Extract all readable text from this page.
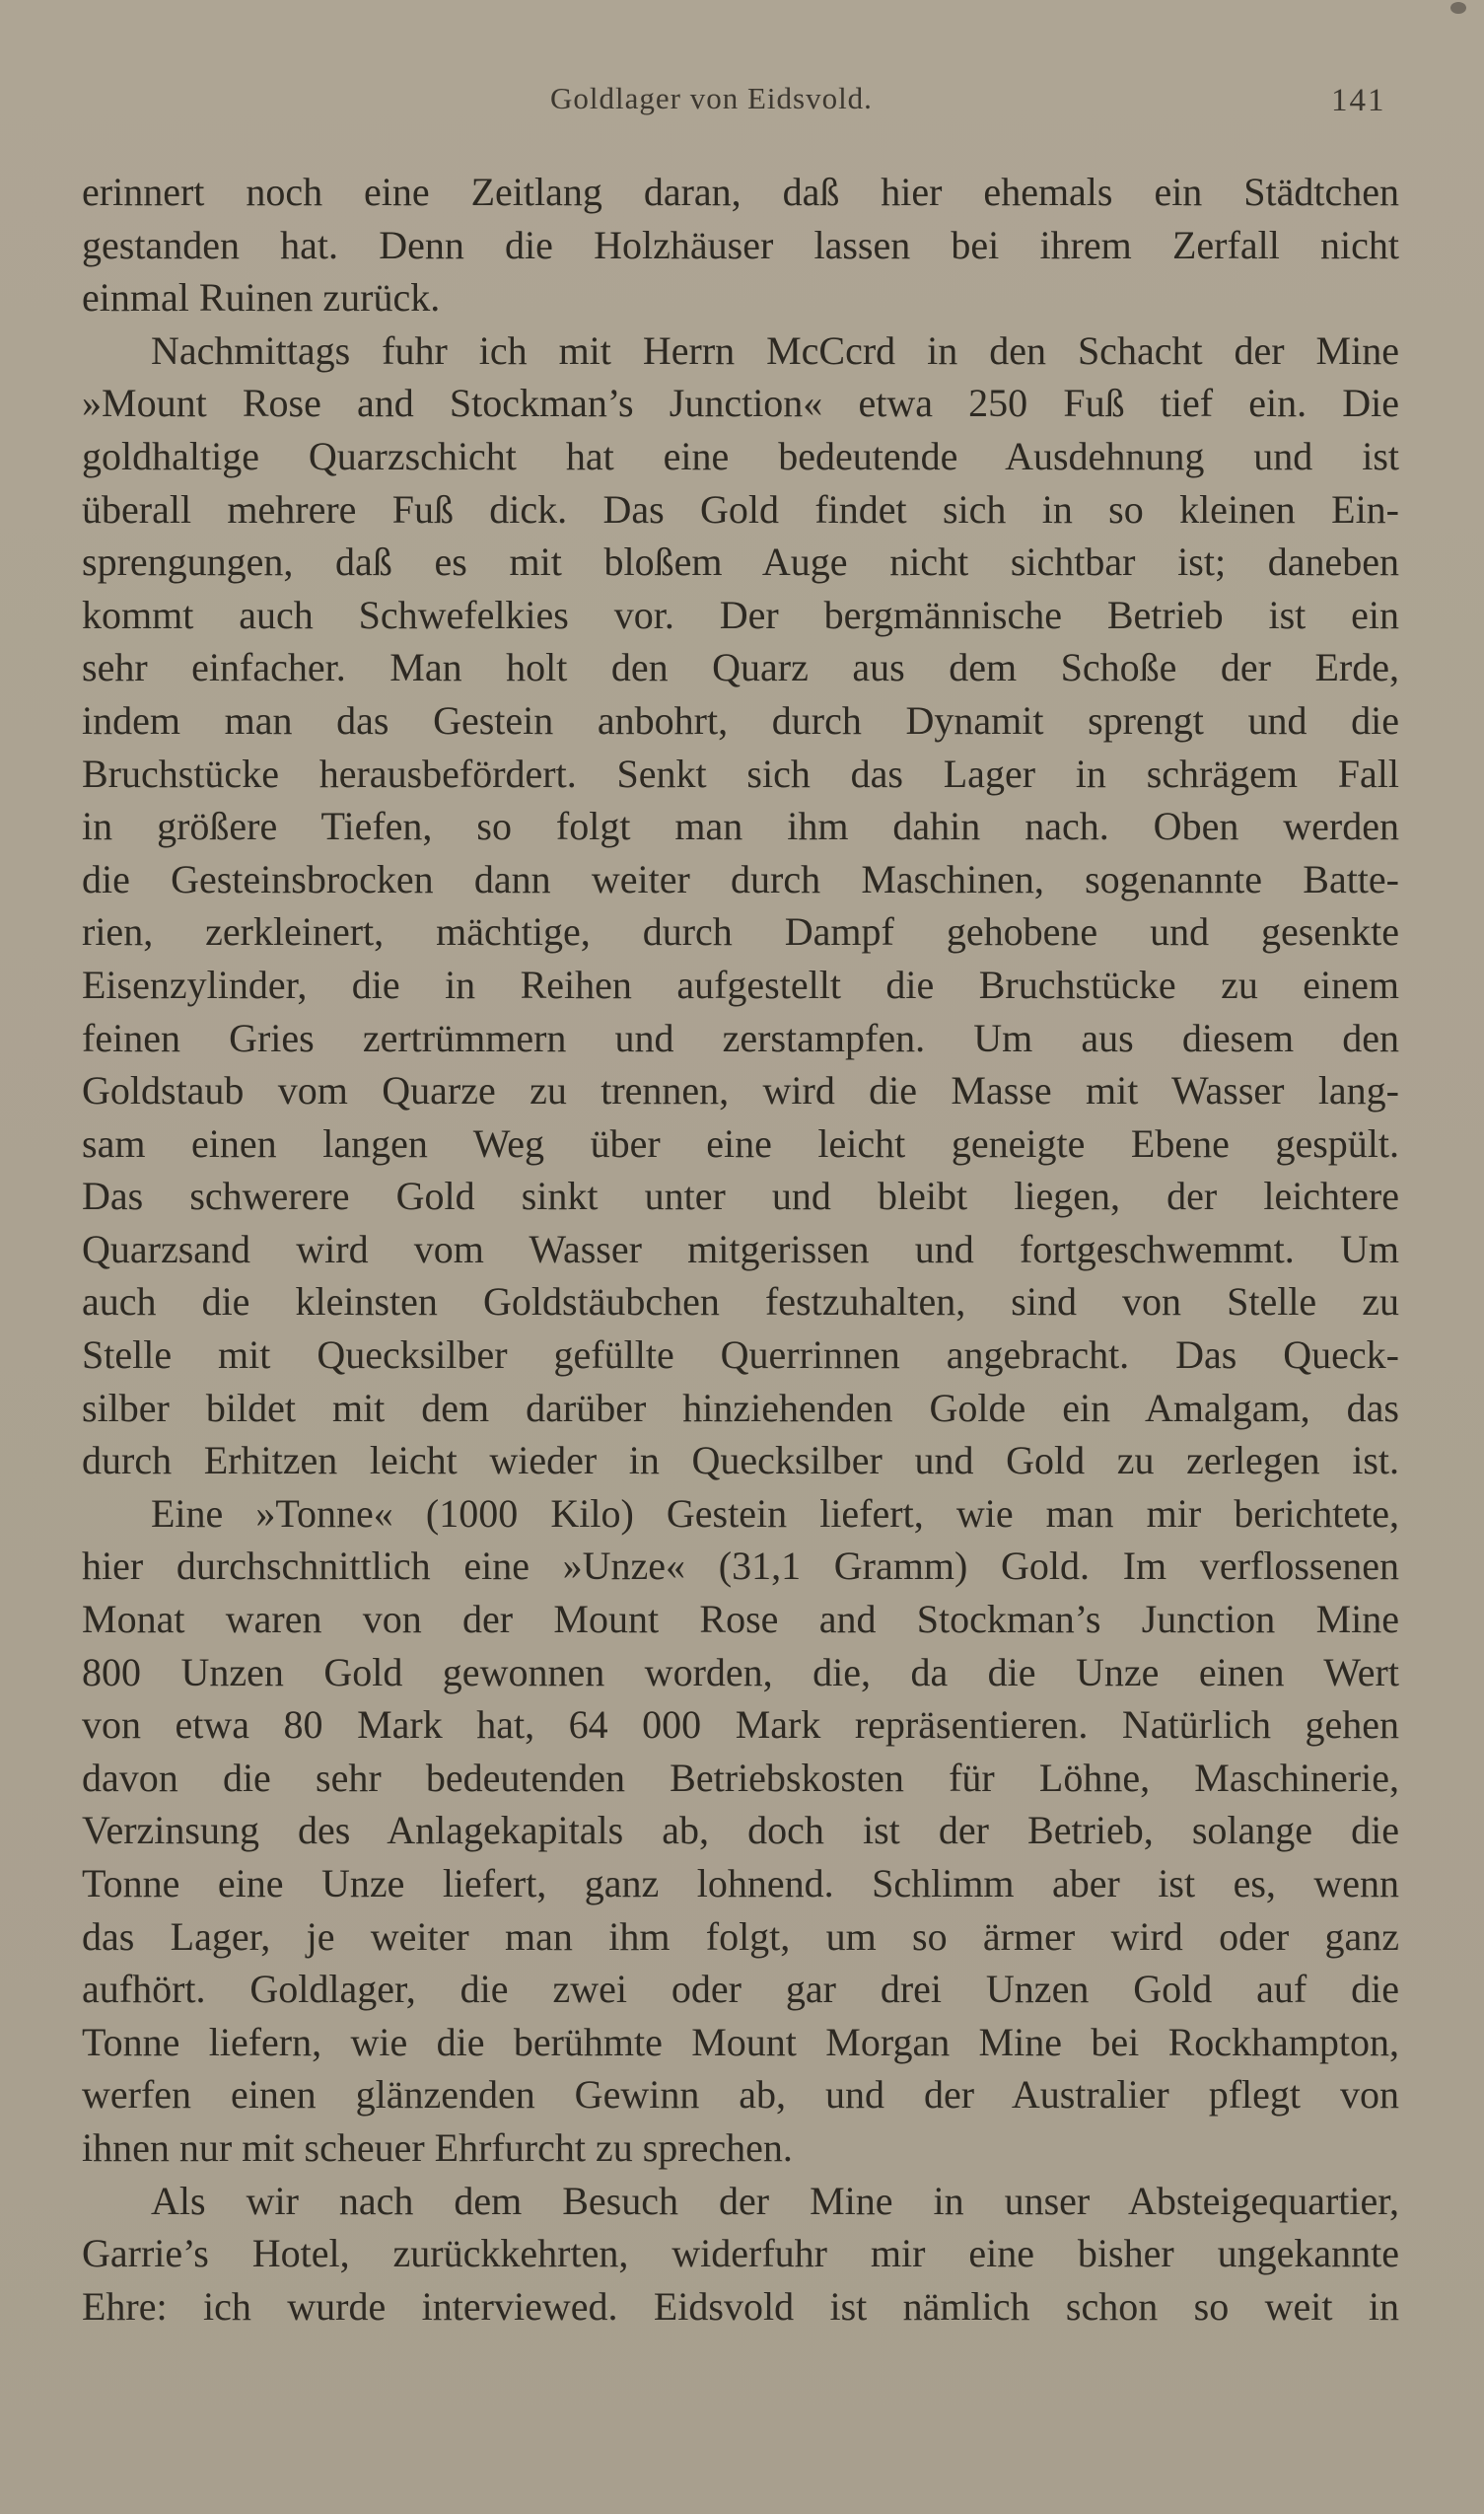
Goldlager von Eidsvold.	141
erinnert noch eine Zeitlang daran, daß hier ehemals ein Städtchen
gestanden hat. Denn die Holzhäuser lassen bei ihrem Zerfall nicht
einmal Ruinen zurück.
Nachmittags fuhr ich mit Herrn McCcrd in den Schacht der Mine
»Mount Rose and Stockman’s Junction« etwa 250 Fuß tief ein. Die
goldhaltige Quarzschicht hat eine bedeutende Ausdehnung und ist
überall mehrere Fuß dick. Das Gold findet sich in so kleinen Ein-
sprengungen, daß es mit bloßem Auge nicht sichtbar ist; daneben
kommt auch Schwefelkies vor. Der bergmännische Betrieb ist ein
sehr einfacher. Man holt den Quarz aus dem Schoße der Erde,
indem man das Gestein anbohrt, durch Dynamit sprengt und die
Bruchstücke herausbefördert. Senkt sich das Lager in schrägem Fall
in größere Tiefen, so folgt man ihm dahin nach. Oben werden
die Gesteinsbrocken dann weiter durch Maschinen, sogenannte Batte-
rien, zerkleinert, mächtige, durch Dampf gehobene und gesenkte
Eisenzylinder, die in Reihen aufgestellt die Bruchstücke zu einem
feinen Gries zertrümmern und zerstampfen. Um aus diesem den
Goldstaub vom Quarze zu trennen, wird die Masse mit Wasser lang-
sam einen langen Weg über eine leicht geneigte Ebene gespült.
Das schwerere Gold sinkt unter und bleibt liegen, der leichtere
Quarzsand wird vom Wasser mitgerissen und fortgeschwemmt. Um
auch die kleinsten Goldstäubchen festzuhalten, sind von Stelle zu
Stelle mit Quecksilber gefüllte Querrinnen angebracht. Das Queck-
silber bildet mit dem darüber hinziehenden Golde ein Amalgam, das
durch Erhitzen leicht wieder in Quecksilber und Gold zu zerlegen ist.
Eine »Tonne« (1000 Kilo) Gestein liefert, wie man mir berichtete,
hier durchschnittlich eine »Unze« (31,1 Gramm) Gold. Im verflossenen
Monat waren von der Mount Rose and Stockman’s Junction Mine
800 Unzen Gold gewonnen worden, die, da die Unze einen Wert
von etwa 80 Mark hat, 64 000 Mark repräsentieren. Natürlich gehen
davon die sehr bedeutenden Betriebskosten für Löhne, Maschinerie,
Verzinsung des Anlagekapitals ab, doch ist der Betrieb, solange die
Tonne eine Unze liefert, ganz lohnend. Schlimm aber ist es, wenn
das Lager, je weiter man ihm folgt, um so ärmer wird oder ganz
aufhört. Goldlager, die zwei oder gar drei Unzen Gold auf die
Tonne liefern, wie die berühmte Mount Morgan Mine bei Rockhampton,
werfen einen glänzenden Gewinn ab, und der Australier pflegt von
ihnen nur mit scheuer Ehrfurcht zu sprechen.
Als wir nach dem Besuch der Mine in unser Absteigequartier,
Garrie’s Hotel, zurückkehrten, widerfuhr mir eine bisher ungekannte
Ehre: ich wurde interviewed. Eidsvold ist nämlich schon so weit in
